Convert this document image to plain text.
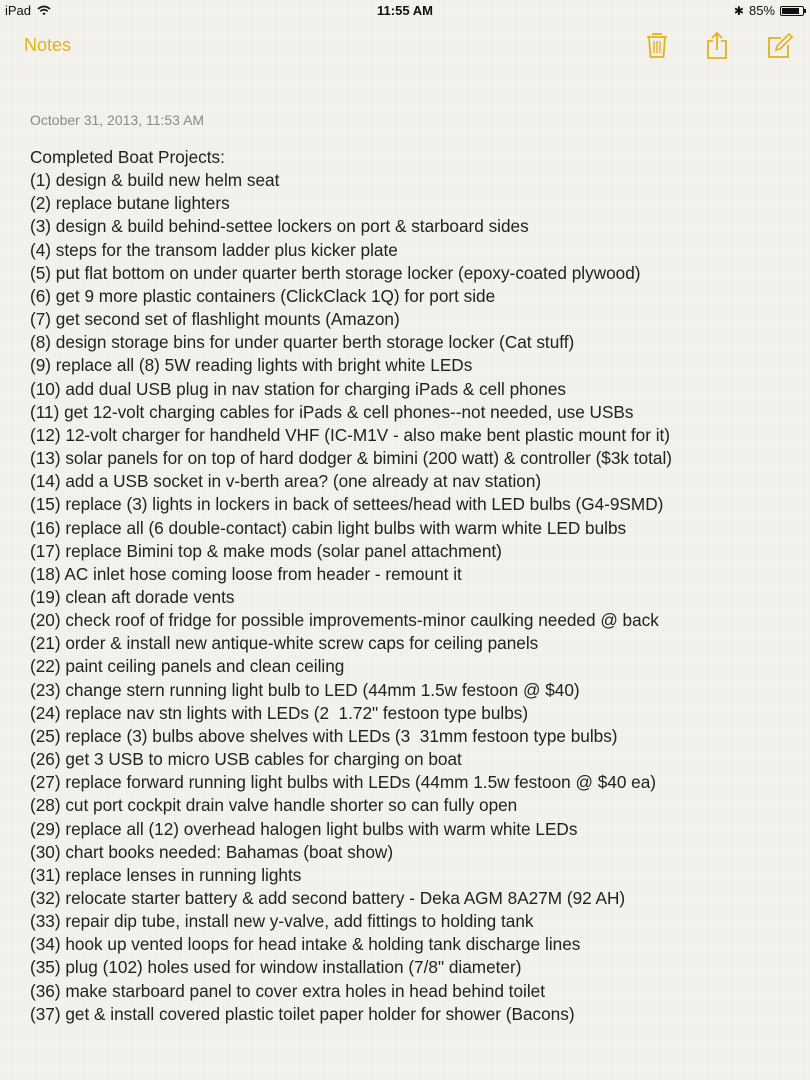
iPad	11:55 AM	✱ 85%
Notes
October 31, 2013, 11:53 AM
Completed Boat Projects:
(1) design & build new helm seat
(2) replace butane lighters
(3) design & build behind-settee lockers on port & starboard sides
(4) steps for the transom ladder plus kicker plate
(5) put flat bottom on under quarter berth storage locker (epoxy-coated plywood)
(6) get 9 more plastic containers (ClickClack 1Q) for port side
(7) get second set of flashlight mounts (Amazon)
(8) design storage bins for under quarter berth storage locker (Cat stuff)
(9) replace all (8) 5W reading lights with bright white LEDs
(10) add dual USB plug in nav station for charging iPads & cell phones
(11) get 12-volt charging cables for iPads & cell phones--not needed, use USBs
(12) 12-volt charger for handheld VHF (IC-M1V - also make bent plastic mount for it)
(13) solar panels for on top of hard dodger & bimini (200 watt) & controller ($3k total)
(14) add a USB socket in v-berth area? (one already at nav station)
(15) replace (3) lights in lockers in back of settees/head with LED bulbs (G4-9SMD)
(16) replace all (6 double-contact) cabin light bulbs with warm white LED bulbs
(17) replace Bimini top & make mods (solar panel attachment)
(18) AC inlet hose coming loose from header - remount it
(19) clean aft dorade vents
(20) check roof of fridge for possible improvements-minor caulking needed @ back
(21) order & install new antique-white screw caps for ceiling panels
(22) paint ceiling panels and clean ceiling
(23) change stern running light bulb to LED (44mm 1.5w festoon @ $40)
(24) replace nav stn lights with LEDs (2  1.72" festoon type bulbs)
(25) replace (3) bulbs above shelves with LEDs (3  31mm festoon type bulbs)
(26) get 3 USB to micro USB cables for charging on boat
(27) replace forward running light bulbs with LEDs (44mm 1.5w festoon @ $40 ea)
(28) cut port cockpit drain valve handle shorter so can fully open
(29) replace all (12) overhead halogen light bulbs with warm white LEDs
(30) chart books needed: Bahamas (boat show)
(31) replace lenses in running lights
(32) relocate starter battery & add second battery - Deka AGM 8A27M (92 AH)
(33) repair dip tube, install new y-valve, add fittings to holding tank
(34) hook up vented loops for head intake & holding tank discharge lines
(35) plug (102) holes used for window installation (7/8" diameter)
(36) make starboard panel to cover extra holes in head behind toilet
(37) get & install covered plastic toilet paper holder for shower (Bacons)
